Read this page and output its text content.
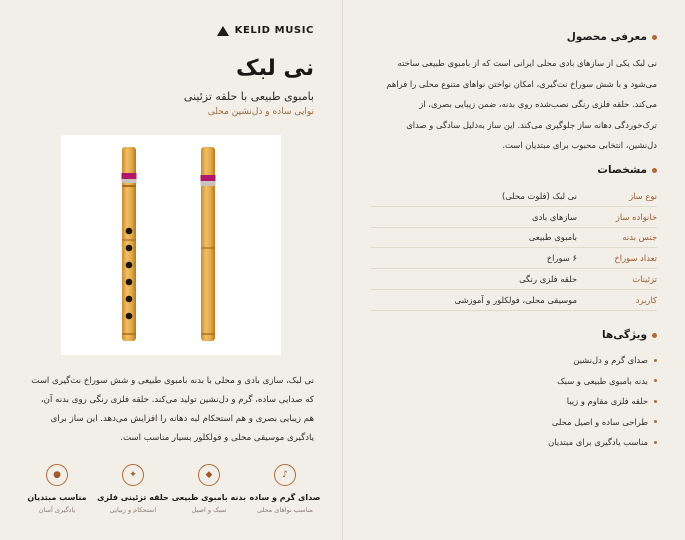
KELID MUSIC
نی لبک
بامبوی طبیعی با حلقه تزئینی
نوایی ساده و دل‌نشین محلی

نی لبک، سازی بادی و محلی با بدنه بامبوی طبیعی و شش سوراخ نت‌گیری است که صدایی ساده، گرم و دل‌نشین تولید می‌کند. حلقه فلزی رنگی روی بدنه آن، هم زیبایی بصری و هم استحکام لبه دهانه را افزایش می‌دهد. این ساز برای یادگیری موسیقی محلی و فولکلور بسیار مناسب است.

♪
صدای گرم و ساده
مناسب نواهای محلی
◆
بدنه بامبوی طبیعی
سبک و اصیل
✦
حلقه تزئینی فلزی
استحکام و زیبایی
●
مناسب مبتدیان
یادگیری آسان
معرفی محصول

نی لبک یکی از سازهای بادی محلی ایرانی است که از بامبوی طبیعی ساخته می‌شود و با شش سوراخ نت‌گیری، امکان نواختن نواهای متنوع محلی را فراهم می‌کند. حلقه فلزی رنگی نصب‌شده روی بدنه، ضمن زیبایی بصری، از ترک‌خوردگی دهانه ساز جلوگیری می‌کند. این ساز به‌دلیل سادگی و صدای دل‌نشین، انتخابی محبوب برای مبتدیان است.

مشخصات
نوع ساز
نی لبک (فلوت محلی)
خانواده ساز
سازهای بادی
جنس بدنه
بامبوی طبیعی
تعداد سوراخ
۶ سوراخ
تزئینات
حلقه فلزی رنگی
کاربرد
موسیقی محلی، فولکلور و آموزشی
ویژگی‌ها
صدای گرم و دل‌نشین
بدنه بامبوی طبیعی و سبک
حلقه فلزی مقاوم و زیبا
طراحی ساده و اصیل محلی
مناسب یادگیری برای مبتدیان
